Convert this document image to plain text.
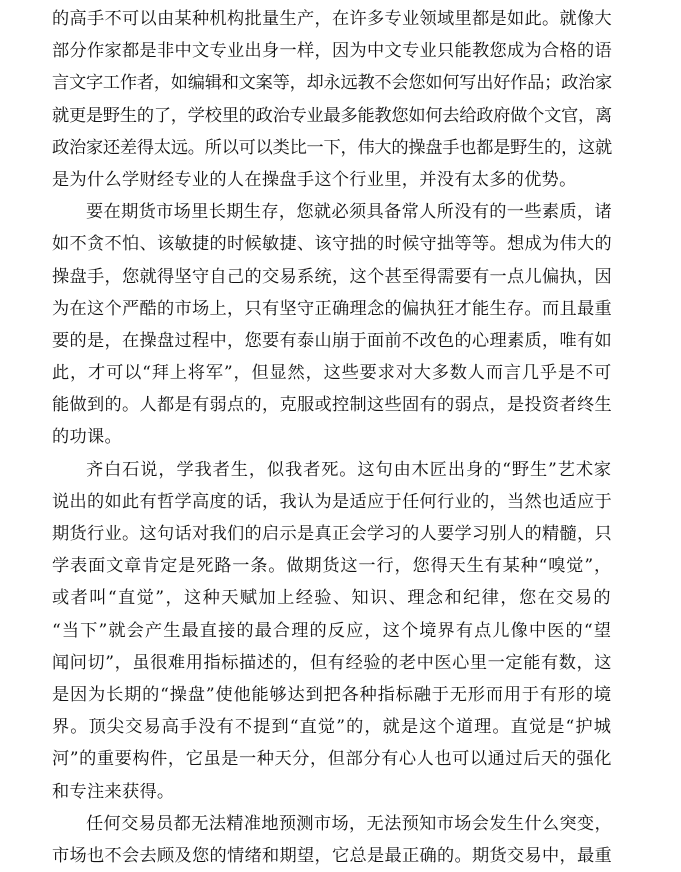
的高手不可以由某种机构批量生产，在许多专业领域里都是如此。就像大
部分作家都是非中文专业出身一样，因为中文专业只能教您成为合格的语
言文字工作者，如编辑和文案等，却永远教不会您如何写出好作品；政治家
就更是野生的了，学校里的政治专业最多能教您如何去给政府做个文官，离
政治家还差得太远。所以可以类比一下，伟大的操盘手也都是野生的，这就
是为什么学财经专业的人在操盘手这个行业里，并没有太多的优势。
要在期货市场里长期生存，您就必须具备常人所没有的一些素质，诸
如不贪不怕、该敏捷的时候敏捷、该守拙的时候守拙等等。想成为伟大的
操盘手，您就得坚守自己的交易系统，这个甚至得需要有一点儿偏执，因
为在这个严酷的市场上，只有坚守正确理念的偏执狂才能生存。而且最重
要的是，在操盘过程中，您要有泰山崩于面前不改色的心理素质，唯有如
此，才可以“拜上将军”，但显然，这些要求对大多数人而言几乎是不可
能做到的。人都是有弱点的，克服或控制这些固有的弱点，是投资者终生
的功课。
齐白石说，学我者生，似我者死。这句由木匠出身的“野生”艺术家
说出的如此有哲学高度的话，我认为是适应于任何行业的，当然也适应于
期货行业。这句话对我们的启示是真正会学习的人要学习别人的精髓，只
学表面文章肯定是死路一条。做期货这一行，您得天生有某种“嗅觉”，
或者叫“直觉”，这种天赋加上经验、知识、理念和纪律，您在交易的
“当下”就会产生最直接的最合理的反应，这个境界有点儿像中医的“望
闻问切”，虽很难用指标描述的，但有经验的老中医心里一定能有数，这
是因为长期的“操盘”使他能够达到把各种指标融于无形而用于有形的境
界。顶尖交易高手没有不提到“直觉”的，就是这个道理。直觉是“护城
河”的重要构件，它虽是一种天分，但部分有心人也可以通过后天的强化
和专注来获得。
任何交易员都无法精准地预测市场，无法预知市场会发生什么突变，
市场也不会去顾及您的情绪和期望，它总是最正确的。期货交易中，最重
